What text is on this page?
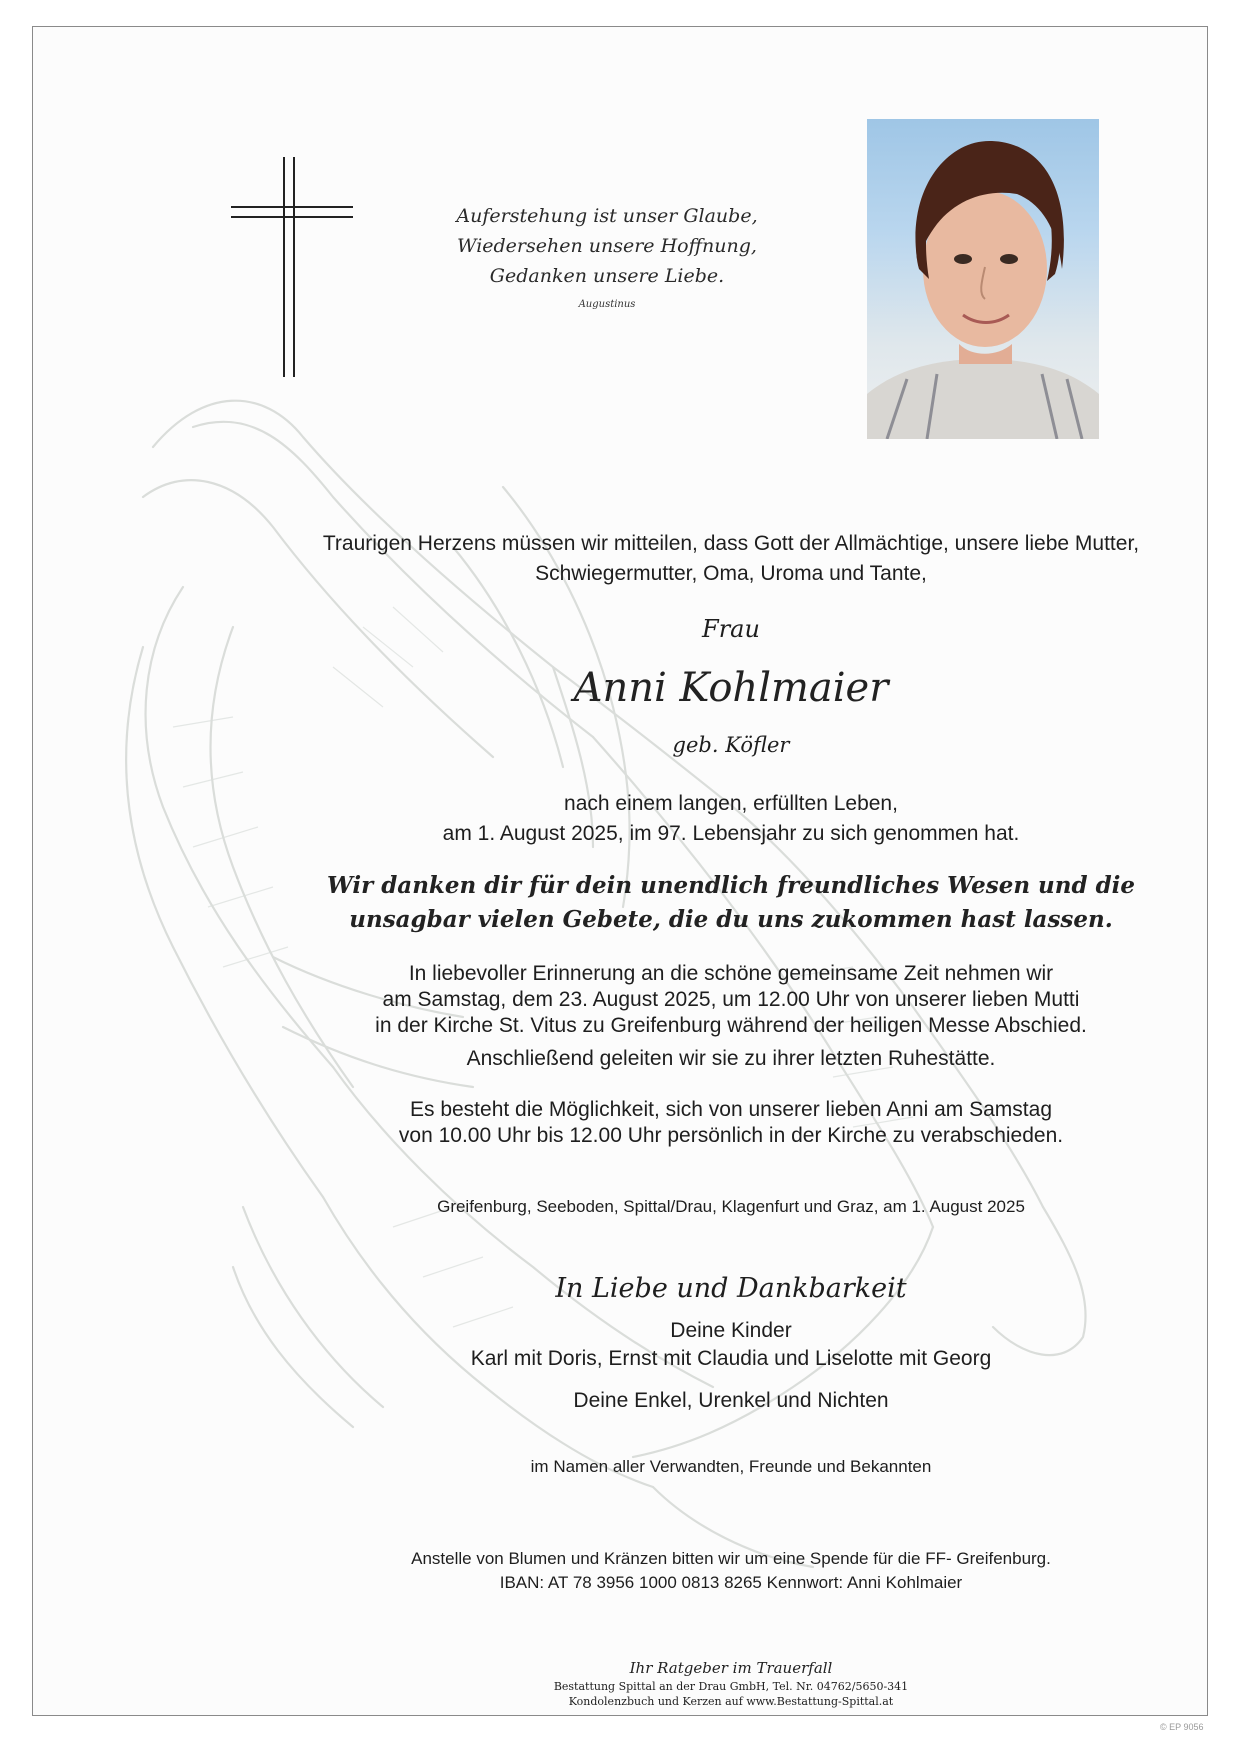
Auferstehung ist unser Glaube,
Wiedersehen unsere Hoffnung,
Gedanken unsere Liebe.
Augustinus
Traurigen Herzens müssen wir mitteilen, dass Gott der Allmächtige, unsere liebe Mutter,
Schwiegermutter, Oma, Uroma und Tante,
Frau
Anni Kohlmaier
geb. Köfler
nach einem langen, erfüllten Leben,
am 1. August 2025, im 97. Lebensjahr zu sich genommen hat.
Wir danken dir für dein unendlich freundliches Wesen und die
unsagbar vielen Gebete, die du uns zukommen hast lassen.
In liebevoller Erinnerung an die schöne gemeinsame Zeit nehmen wir
am Samstag, dem 23. August 2025, um 12.00 Uhr von unserer lieben Mutti
in der Kirche St. Vitus zu Greifenburg während der heiligen Messe Abschied.
Anschließend geleiten wir sie zu ihrer letzten Ruhestätte.
Es besteht die Möglichkeit, sich von unserer lieben Anni am Samstag
von 10.00 Uhr bis 12.00 Uhr persönlich in der Kirche zu verabschieden.
Greifenburg, Seeboden, Spittal/Drau, Klagenfurt und Graz, am 1. August 2025
In Liebe und Dankbarkeit
Deine Kinder
Karl mit Doris, Ernst mit Claudia und Liselotte mit Georg
Deine Enkel, Urenkel und Nichten
im Namen aller Verwandten, Freunde und Bekannten
Anstelle von Blumen und Kränzen bitten wir um eine Spende für die FF- Greifenburg.
IBAN: AT 78 3956 1000 0813 8265 Kennwort: Anni Kohlmaier
Ihr Ratgeber im Trauerfall
Bestattung Spittal an der Drau GmbH, Tel. Nr. 04762/5650-341
Kondolenzbuch und Kerzen auf www.Bestattung-Spittal.at
© EP 9056
